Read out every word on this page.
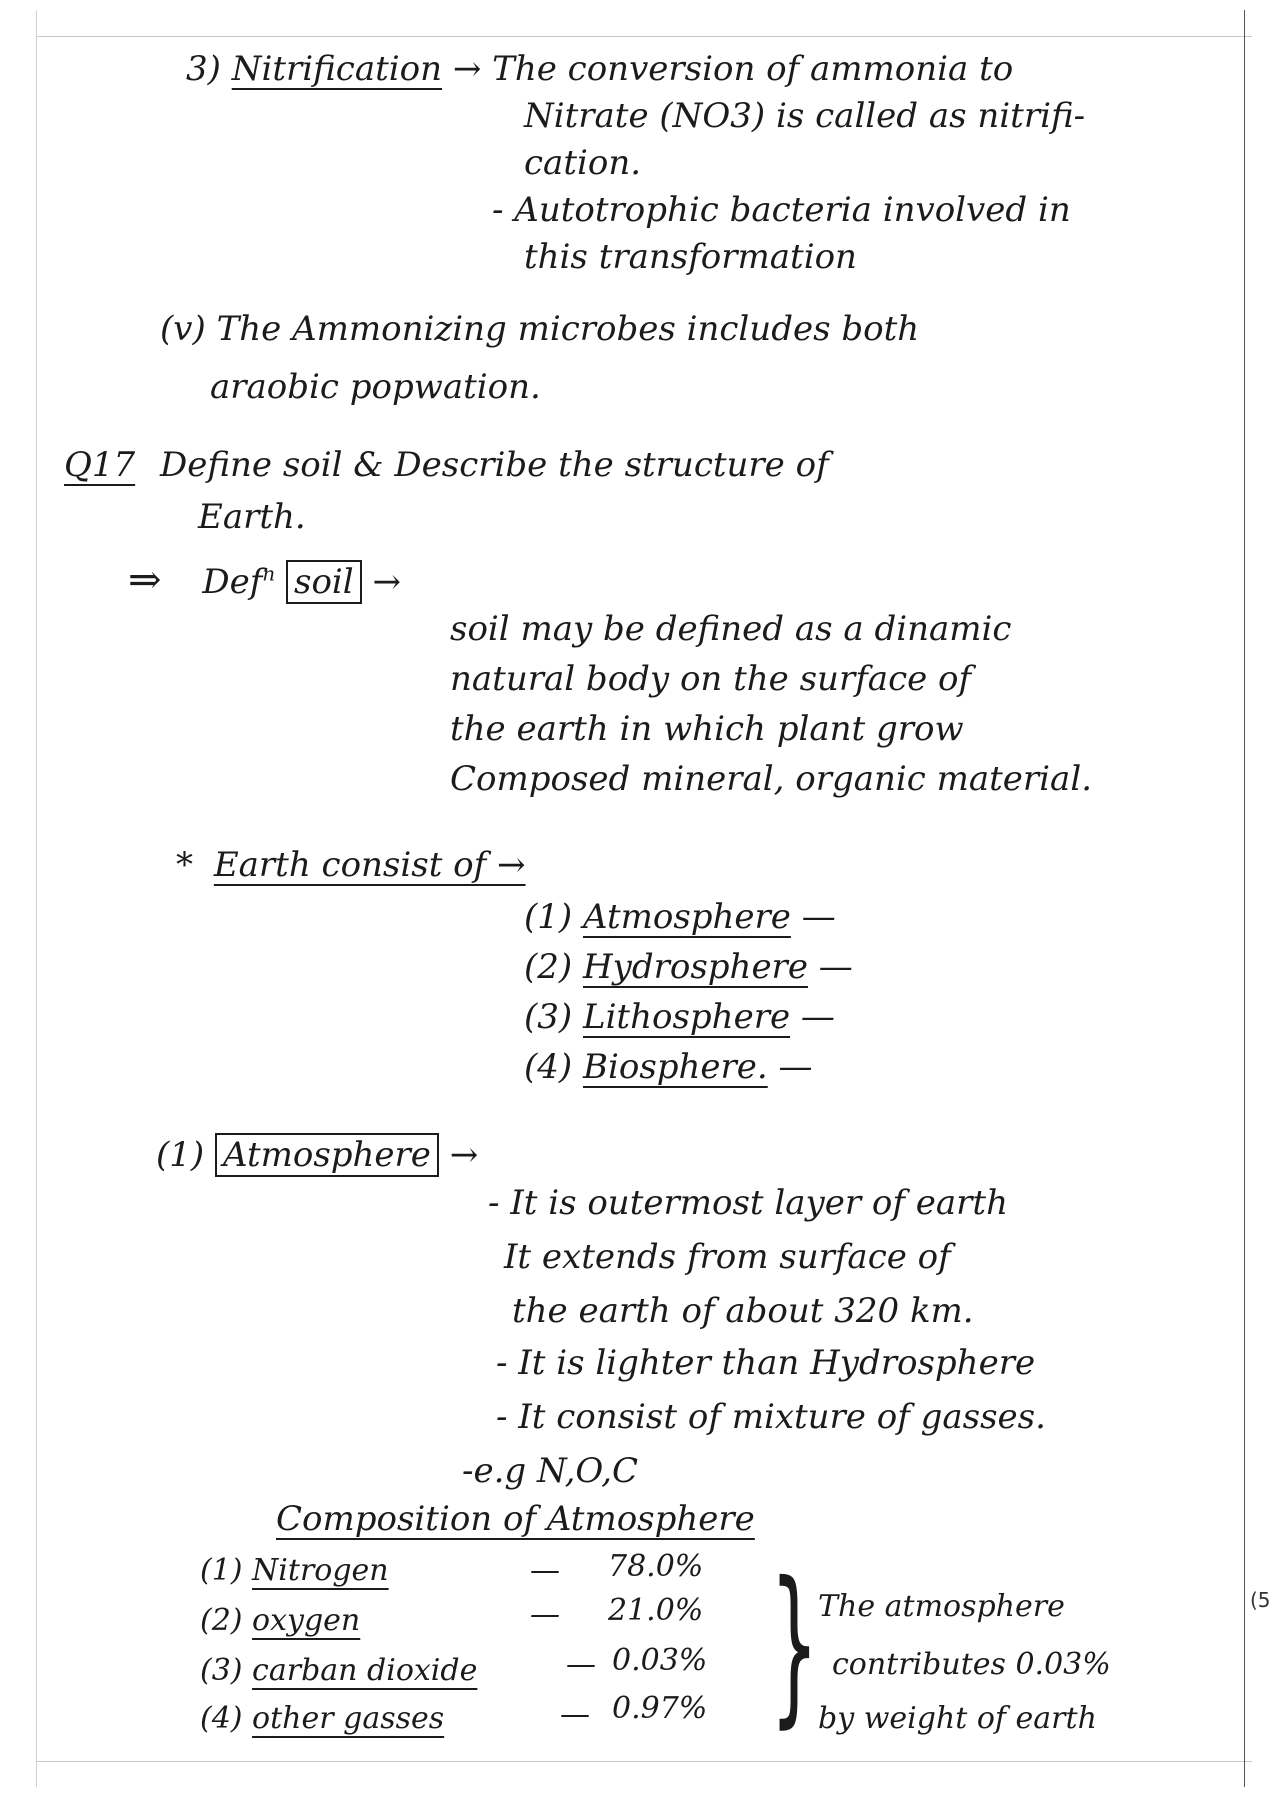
3) Nitrification → The conversion of ammonia to
Nitrate (NO3) is called as nitrifi-
cation.
- Autotrophic bacteria involved in
this transformation
(v) The Ammonizing microbes includes both
araobic popwation.
Q17 Define soil & Describe the structure of
Earth.
⇒ Def$^n$ soil →
soil may be defined as a dinamic
natural body on the surface of
the earth in which plant grow
Composed mineral, organic material.
* Earth consist of →
(1) Atmosphere —
(2) Hydrosphere —
(3) Lithosphere —
(4) Biosphere. —
(1) Atmosphere →
- It is outermost layer of earth
It extends from surface of
the earth of about 320 km.
- It is lighter than Hydrosphere
- It consist of mixture of gasses.
-e.g N,O,C
Composition of Atmosphere
(1) Nitrogen	— 78.0%
(2) oxygen	— 21.0%
(3) carban dioxide	— 0.03%
(4) other gasses	— 0.97% } The atmosphere
contributes 0.03%
by weight of earth
(5
